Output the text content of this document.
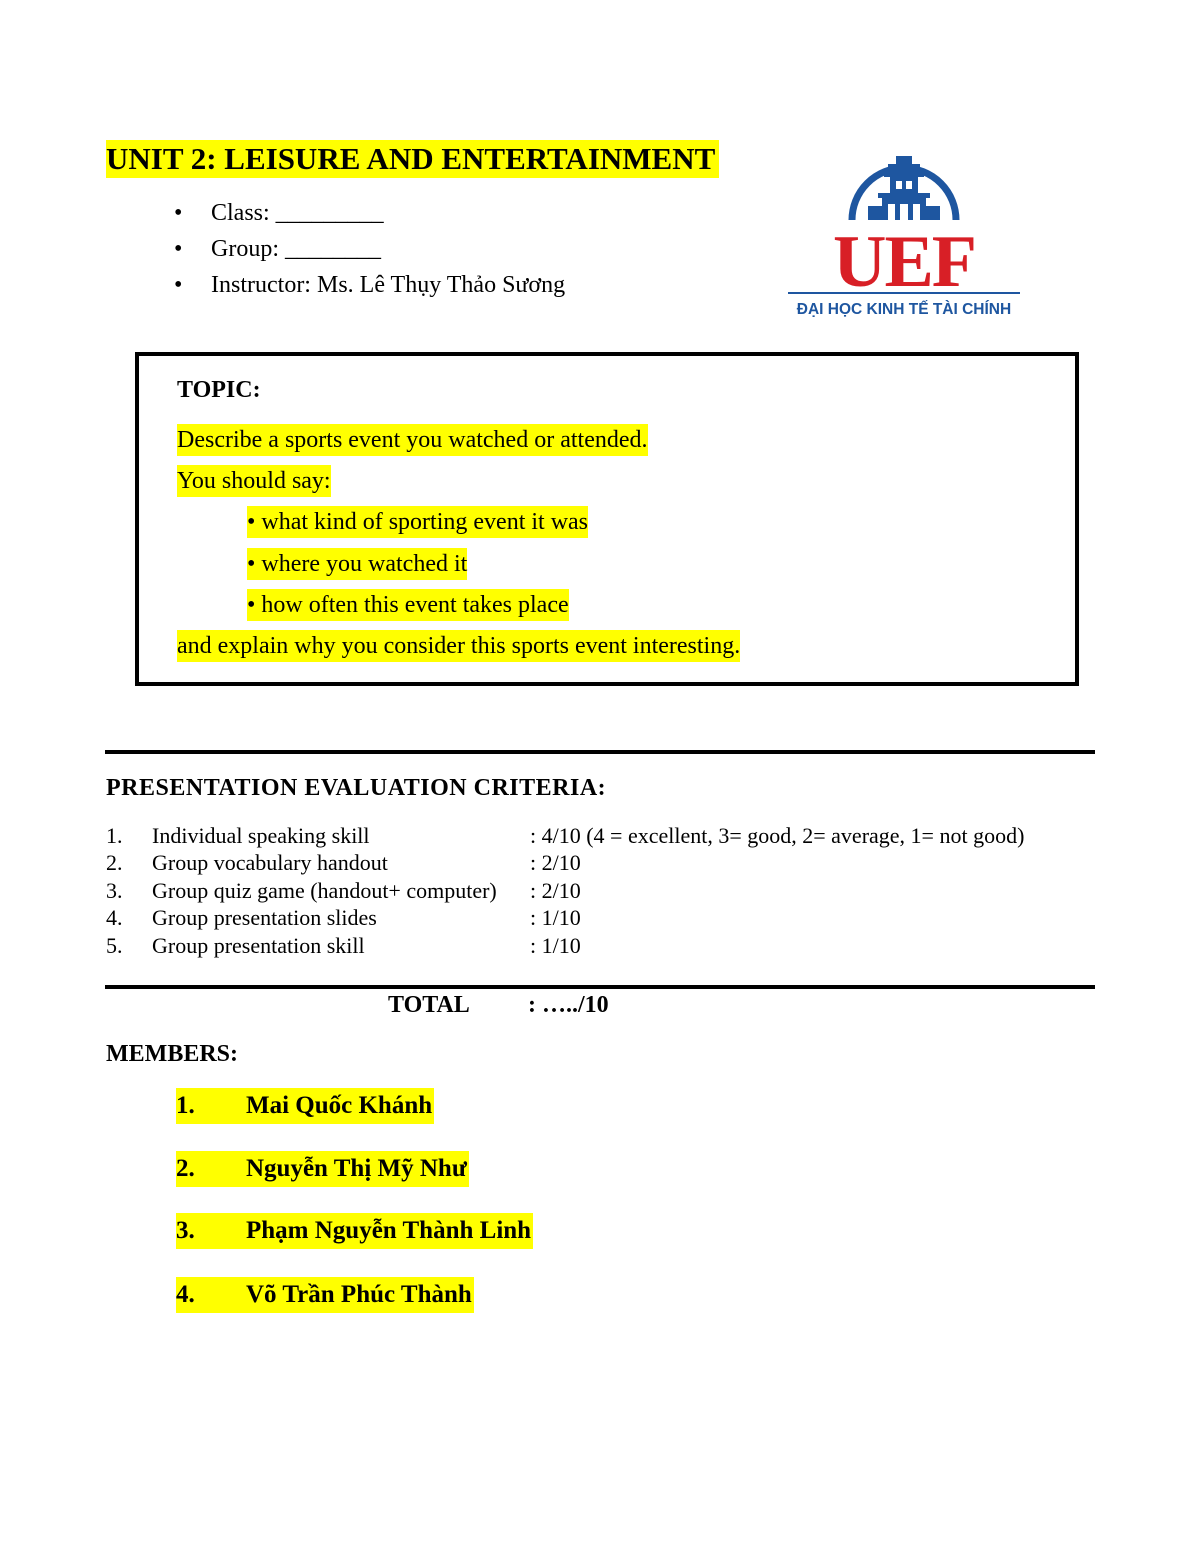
UNIT 2: LEISURE AND ENTERTAINMENT
• Class: _________
• Group: ________
• Instructor: Ms. Lê Thụy Thảo Sương	UEF
ĐẠI HỌC KINH TẾ TÀI CHÍNH
TOPIC:
Describe a sports event you watched or attended.
You should say:
• what kind of sporting event it was
• where you watched it
• how often this event takes place
and explain why you consider this sports event interesting.
PRESENTATION EVALUATION CRITERIA:
1. Individual speaking skill	: 4/10 (4 = excellent, 3= good, 2= average, 1= not good)
2. Group vocabulary handout	: 2/10
3. Group quiz game (handout+ computer) : 2/10
4. Group presentation slides	: 1/10
5. Group presentation skill	: 1/10
TOTAL : …../10
MEMBERS:
1. Mai Quốc Khánh
2. Nguyễn Thị Mỹ Như
3. Phạm Nguyễn Thành Linh
4. Võ Trần Phúc Thành
